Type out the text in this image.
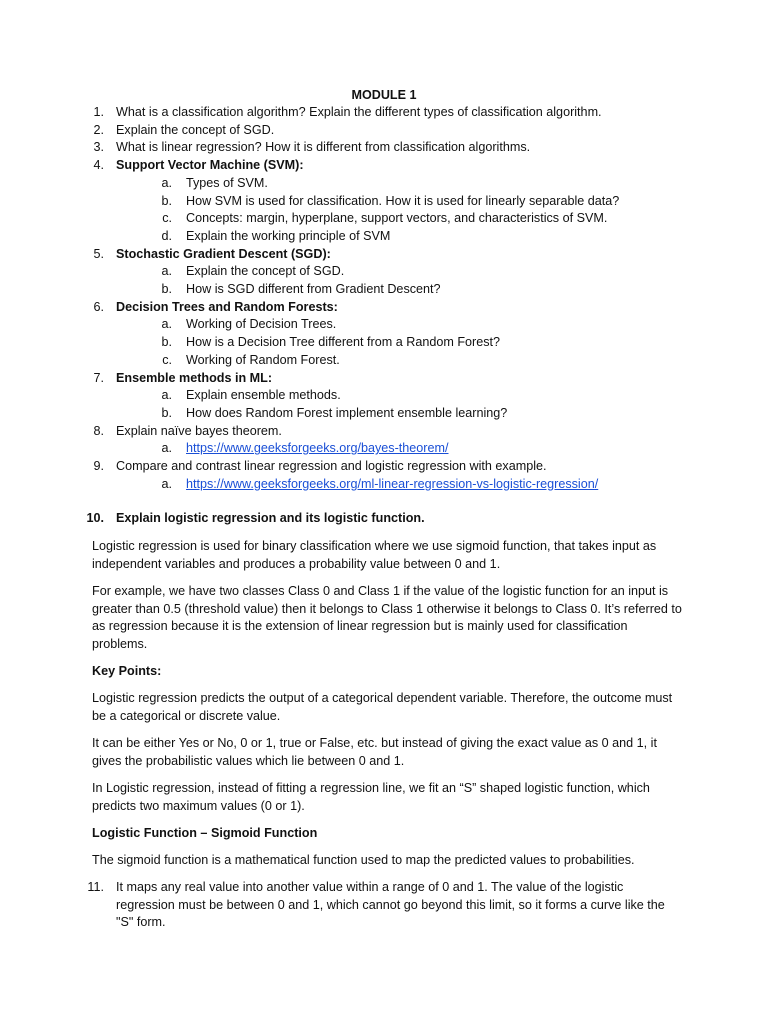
MODULE 1
1. What is a classification algorithm? Explain the different types of classification algorithm.
2. Explain the concept of SGD.
3. What is linear regression? How it is different from classification algorithms.
4. Support Vector Machine (SVM):
a. Types of SVM.
b. How SVM is used for classification. How it is used for linearly separable data?
c. Concepts: margin, hyperplane, support vectors, and characteristics of SVM.
d. Explain the working principle of SVM
5. Stochastic Gradient Descent (SGD):
a. Explain the concept of SGD.
b. How is SGD different from Gradient Descent?
6. Decision Trees and Random Forests:
a. Working of Decision Trees.
b. How is a Decision Tree different from a Random Forest?
c. Working of Random Forest.
7. Ensemble methods in ML:
a. Explain ensemble methods.
b. How does Random Forest implement ensemble learning?
8. Explain naïve bayes theorem.
a. https://www.geeksforgeeks.org/bayes-theorem/
9. Compare and contrast linear regression and logistic regression with example.
a. https://www.geeksforgeeks.org/ml-linear-regression-vs-logistic-regression/
10. Explain logistic regression and its logistic function.
Logistic regression is used for binary classification where we use sigmoid function, that takes input as independent variables and produces a probability value between 0 and 1.
For example, we have two classes Class 0 and Class 1 if the value of the logistic function for an input is greater than 0.5 (threshold value) then it belongs to Class 1 otherwise it belongs to Class 0. It’s referred to as regression because it is the extension of linear regression but is mainly used for classification problems.
Key Points:
Logistic regression predicts the output of a categorical dependent variable. Therefore, the outcome must be a categorical or discrete value.
It can be either Yes or No, 0 or 1, true or False, etc. but instead of giving the exact value as 0 and 1, it gives the probabilistic values which lie between 0 and 1.
In Logistic regression, instead of fitting a regression line, we fit an “S” shaped logistic function, which predicts two maximum values (0 or 1).
Logistic Function – Sigmoid Function
The sigmoid function is a mathematical function used to map the predicted values to probabilities.
11. It maps any real value into another value within a range of 0 and 1. The value of the logistic regression must be between 0 and 1, which cannot go beyond this limit, so it forms a curve like the "S" form.
